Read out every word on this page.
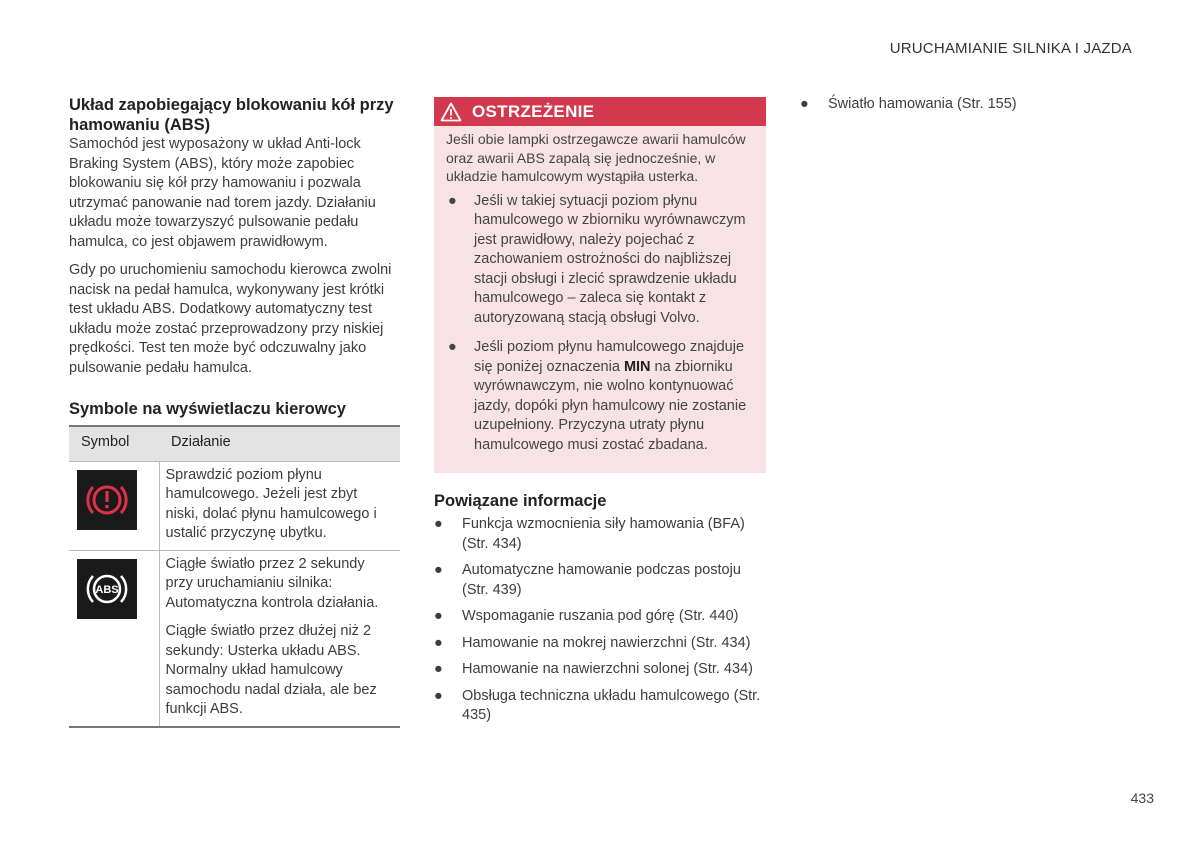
URUCHAMIANIE SILNIKA I JAZDA
Układ zapobiegający blokowaniu kół przy hamowaniu (ABS)

Samochód jest wyposażony w układ Anti-lock Braking System (ABS), który może zapobiec blokowaniu się kół przy hamowaniu i pozwala utrzymać panowanie nad torem jazdy. Działaniu układu może towarzyszyć pulsowanie pedału hamulca, co jest objawem prawidłowym.

Gdy po uruchomieniu samochodu kierowca zwolni nacisk na pedał hamulca, wykonywany jest krótki test układu ABS. Dodatkowy automatyczny test układu może zostać przeprowadzony przy niskiej prędkości. Test ten może być odczuwalny jako pulsowanie pedału hamulca.

Symbole na wyświetlaczu kierowcy
Symbol	Działanie

	Sprawdzić poziom płynu hamulcowego. Jeżeli jest zbyt niski, dolać płynu hamulcowego i ustalić przyczynę ubytku.

ABS	Ciągłe światło przez 2 sekundy przy uruchamianiu silnika: Automatyczna kontrola działania.

Ciągłe światło przez dłużej niż 2 sekundy: Usterka układu ABS. Normalny układ hamulcowy samochodu nadal działa, ale bez funkcji ABS.

OSTRZEŻENIE
Jeśli obie lampki ostrzegawcze awarii hamulców oraz awarii ABS zapalą się jednocześnie, w układzie hamulcowym wystąpiła usterka.
● Jeśli w takiej sytuacji poziom płynu hamulcowego w zbiorniku wyrównawczym jest prawidłowy, należy pojechać z zachowaniem ostrożności do najbliższej stacji obsługi i zlecić sprawdzenie układu hamulcowego – zaleca się kontakt z autoryzowaną stacją obsługi Volvo.
● Jeśli poziom płynu hamulcowego znajduje się poniżej oznaczenia MIN na zbiorniku wyrównawczym, nie wolno kontynuować jazdy, dopóki płyn hamulcowy nie zostanie uzupełniony. Przyczyna utraty płynu hamulcowego musi zostać zbadana.
Powiązane informacje
● Funkcja wzmocnienia siły hamowania (BFA) (Str. 434)
● Automatyczne hamowanie podczas postoju (Str. 439)
● Wspomaganie ruszania pod górę (Str. 440)
● Hamowanie na mokrej nawierzchni (Str. 434)
● Hamowanie na nawierzchni solonej (Str. 434)
● Obsługa techniczna układu hamulcowego (Str. 435)
● Światło hamowania (Str. 155)
433
